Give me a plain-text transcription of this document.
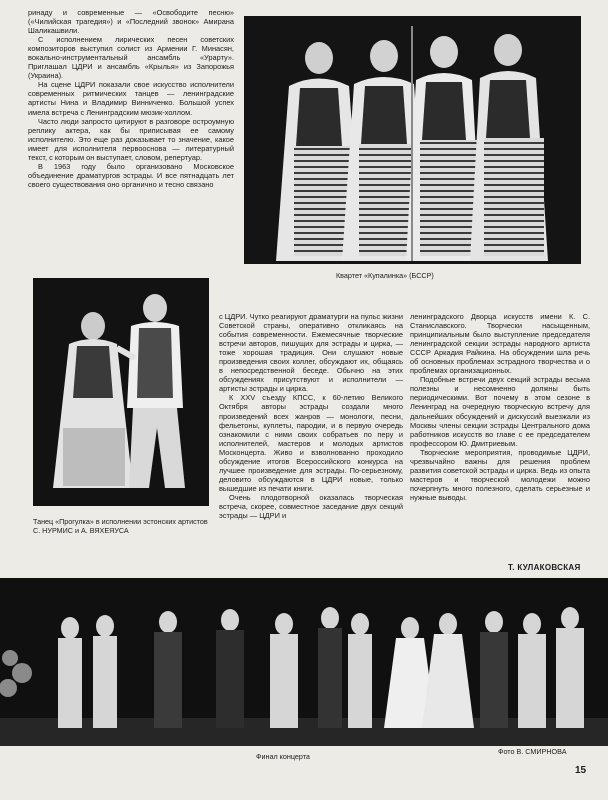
ринаду и современные — «Освободите песню» («Чилийская трагедия») и «Последний звонок» Амирана Шаликашвили.

С исполнением лирических песен советских композиторов выступил солист из Армении Г. Минасян, вокально-инструментальный ансамбль «Урарту». Приглашал ЦДРИ и ансамбль «Крылья» из Запорожья (Украина).

На сцене ЦДРИ показали свое искусство исполнители современных ритмических танцев — ленинградские артисты Нина и Владимир Винниченко. Большой успех имела встреча с Ленинградским мюзик-холлом.

Часто люди запросто цитируют в разговоре остроумную реплику актера, как бы приписывая ее самому исполнителю. Это еще раз доказывает то значение, какое имеет для исполнителя первоосновa — литературный текст, с которым он выступает, словом, репертуар.

В 1963 году было организовано Московское объединение драматургов эстрады. И все пятнадцать лет своего существования оно органично и тесно связано

Квартет «Купалинка» (БССР)
Танец «Прогулка» в исполнении эстонских артистов С. НУРМИС и А. ВЯХЕЯУСА

с ЦДРИ. Чутко реагируют драматурги на пульс жизни Советской страны, оперативно откликаясь на события современности. Ежемесячные творческие встречи авторов, пишущих для эстрады и цирка, — тоже хорошая традиция. Они слушают новые произведения своих коллег, обсуждают их, общаясь в непосредственной беседе. Обычно на этих обсуждениях присутствуют и исполнители — артисты эстрады и цирка.

К XXV съезду КПСС, к 60-летию Великого Октября авторы эстрады создали много произведений всех жанров — монологи, песни, фельетоны, куплеты, пародии, и в первую очередь ознакомили с ними своих собратьев по перу и исполнителей, мастеров и молодых артистов Москонцерта. Живо и взволнованно проходило обсуждение итогов Всероссийского конкурса на лучшее произведение для эстрады. По-серьезному, деловито обсуждаются в ЦДРИ новые, только вышедшие из печати книги.

Очень плодотворной оказалась творческая встреча, скорее, совместное заседание двух секций эстрады — ЦДРИ и

ленинградского Дворца искусств имени К. С. Станиславского. Творчески насыщенным, принципиальным было выступление председателя ленинградской секции эстрады народного артиста СССР Аркадия Райкина. На обсуждении шла речь об основных проблемах эстрадного творчества и о проблемах организационных.

Подобные встречи двух секций эстрады весьма полезны и несомненно должны быть периодическими. Вот почему в этом сезоне в Ленинград на очередную творческую встречу для дальнейших обсуждений и дискуссий выезжали из Москвы члены секции эстрады Центрального дома работников искусств во главе с ее председателем профессором Ю. Дмитриевым.

Творческие мероприятия, проводимые ЦДРИ, чрезвычайно важны для решения проблем развития советской эстрады и цирка. Ведь из опыта мастеров и творческой молодежи можно почерпнуть много полезного, сделать серьезные и нужные выводы.

Т. КУЛАКОВСКАЯ
Финал концерта
Фото В. СМИРНОВА
15
